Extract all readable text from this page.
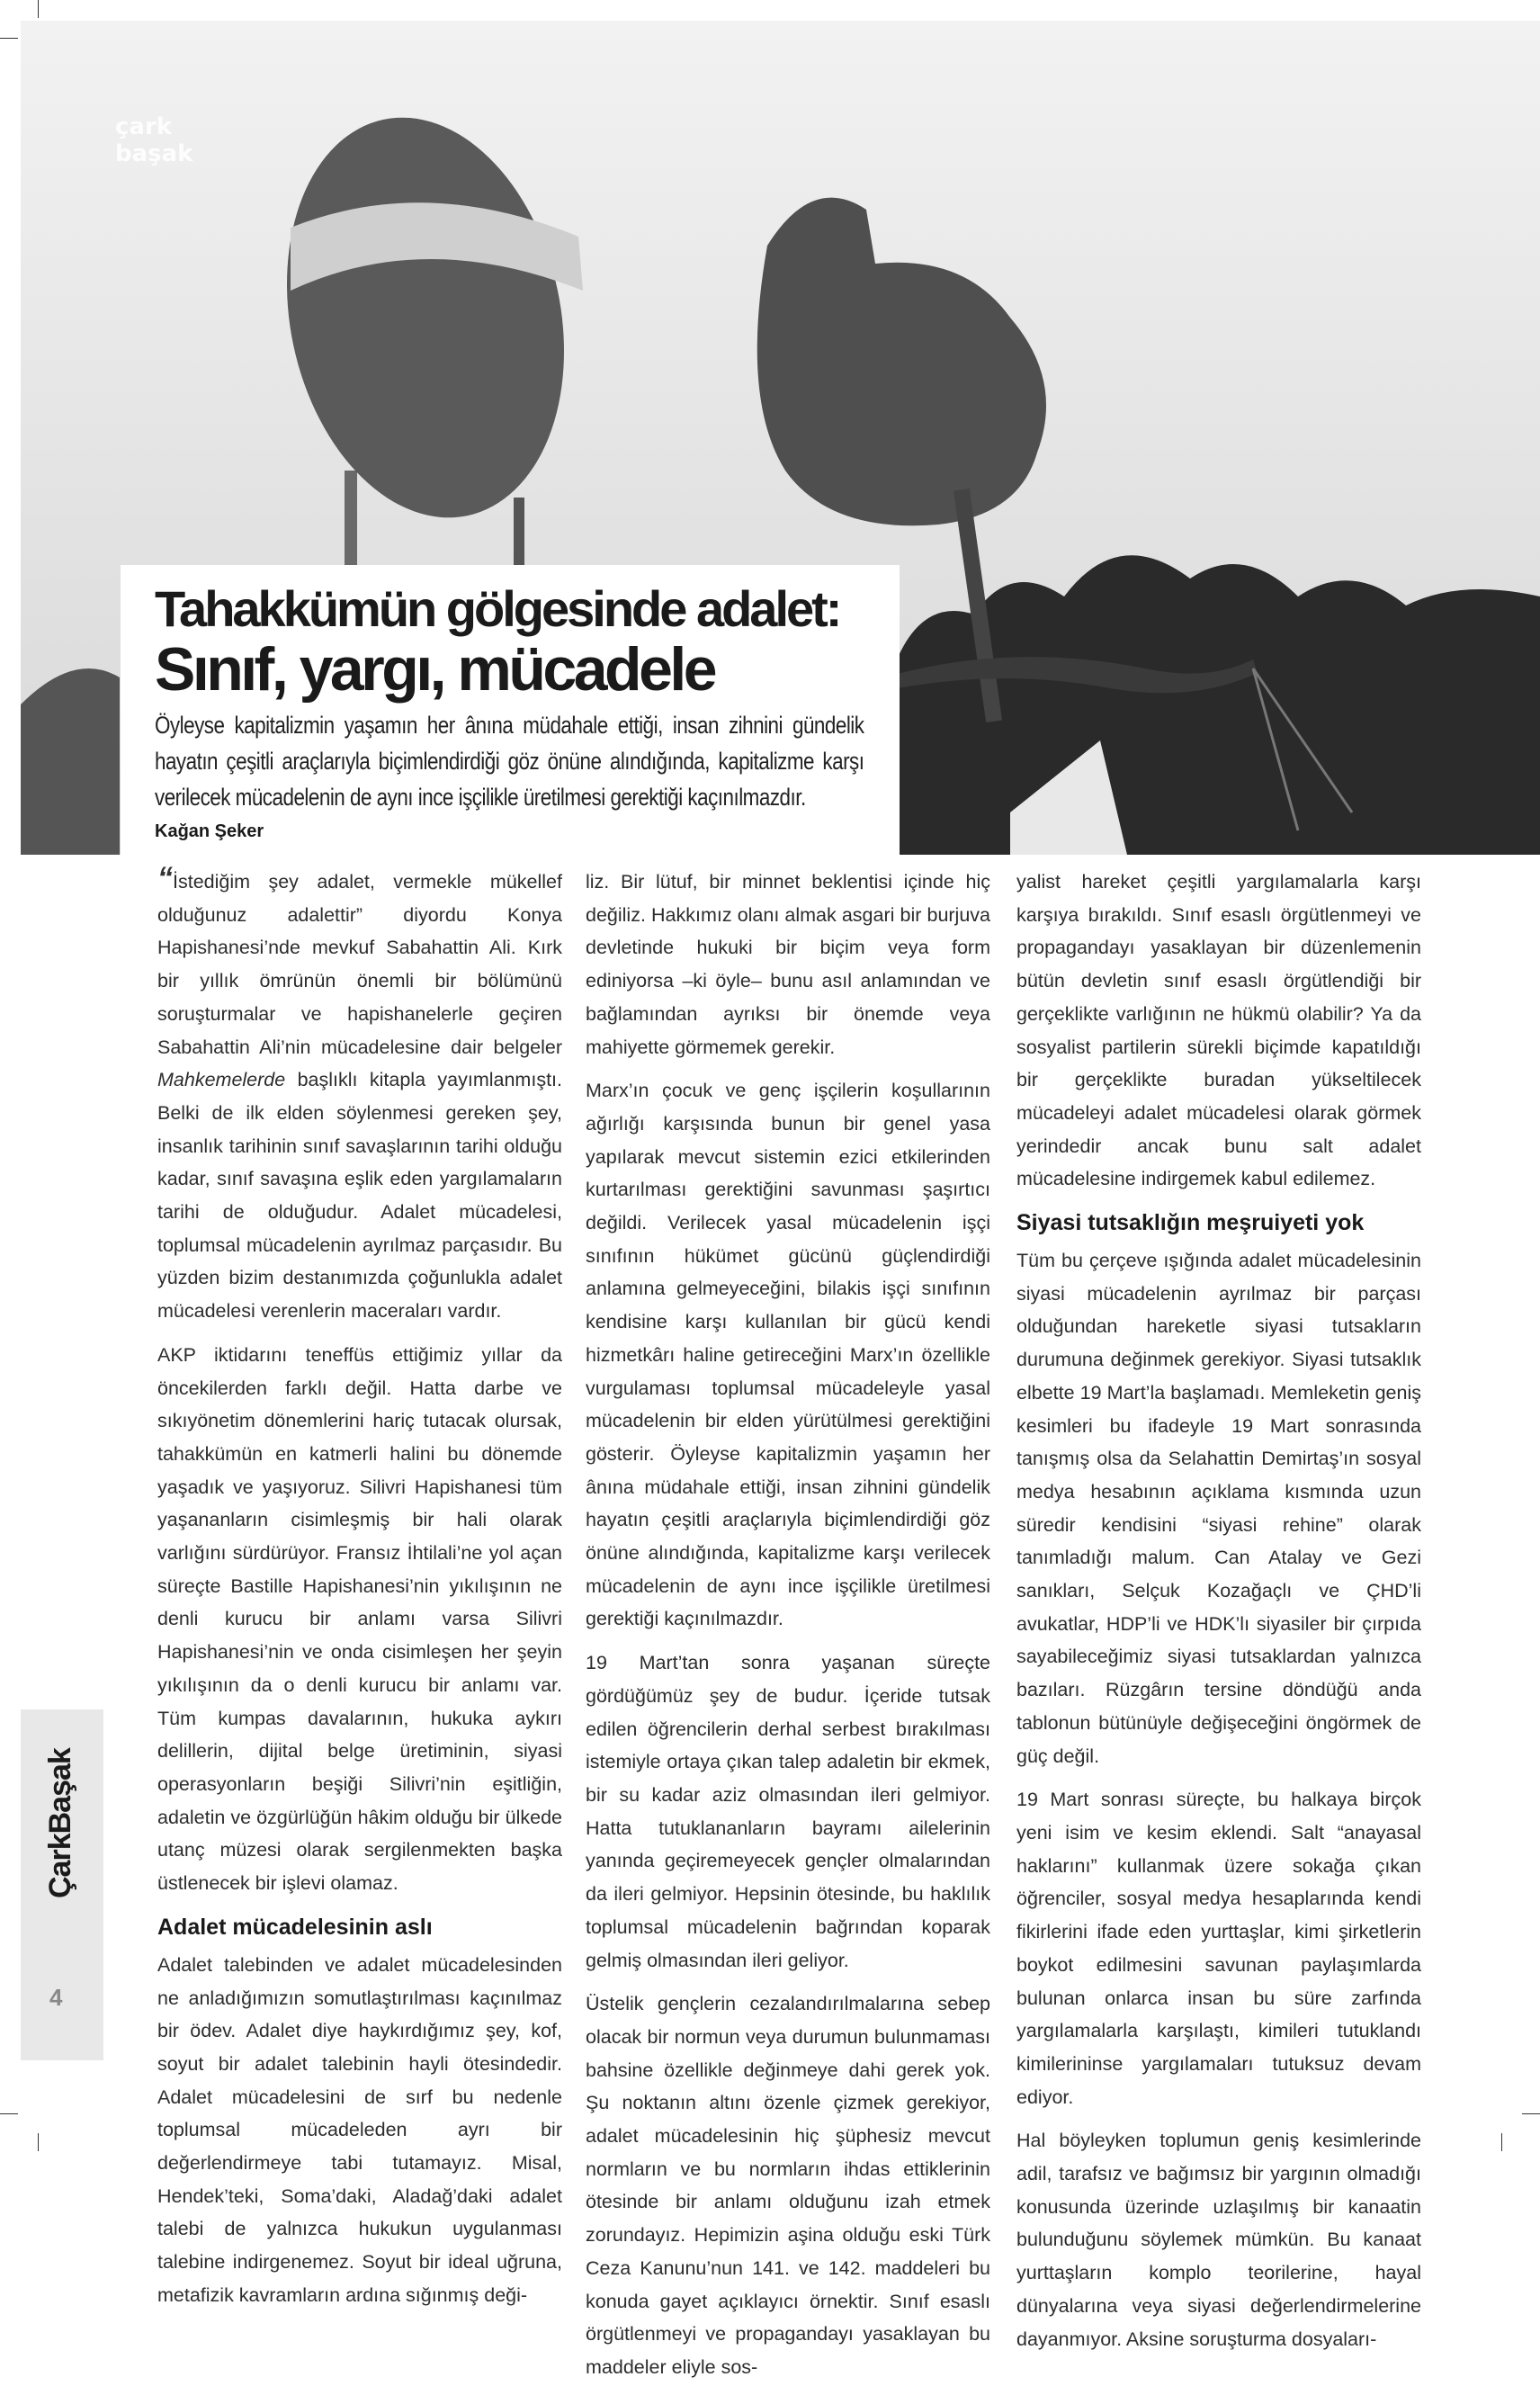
çark
başak
Tahakkümün gölgesinde adalet:
Sınıf, yargı, mücadele
Öyleyse kapitalizmin yaşamın her ânına müdahale ettiği, insan zihnini gündelik hayatın çeşitli araçlarıyla biçimlendirdiği göz önüne alındığında, kapitalizme karşı verilecek mücadelenin de aynı ince işçilikle üretilmesi gerektiği kaçınılmazdır.
Kağan Şeker

“İstediğim şey adalet, vermekle mükellef olduğunuz adalettir” diyordu Konya Hapishanesi’nde mevkuf Sabahattin Ali. Kırk bir yıllık ömrünün önemli bir bölümünü soruşturmalar ve hapishanelerle geçiren Sabahattin Ali’nin mücadelesine dair belgeler Mahkemelerde başlıklı kitapla yayımlanmıştı. Belki de ilk elden söylenmesi gereken şey, insanlık tarihinin sınıf savaşlarının tarihi olduğu kadar, sınıf savaşına eşlik eden yargılamaların tarihi de olduğudur. Adalet mücadelesi, toplumsal mücadelenin ayrılmaz parçasıdır. Bu yüzden bizim destanımızda çoğunlukla adalet mücadelesi verenlerin maceraları vardır.

AKP iktidarını teneffüs ettiğimiz yıllar da öncekilerden farklı değil. Hatta darbe ve sıkıyönetim dönemlerini hariç tutacak olursak, tahakkümün en katmerli halini bu dönemde yaşadık ve yaşıyoruz. Silivri Hapishanesi tüm yaşananların cisimleşmiş bir hali olarak varlığını sürdürüyor. Fransız İhtilali’ne yol açan süreçte Bastille Hapishanesi’nin yıkılışının ne denli kurucu bir anlamı varsa Silivri Hapishanesi’nin ve onda cisimleşen her şeyin yıkılışının da o denli kurucu bir anlamı var. Tüm kumpas davalarının, hukuka aykırı delillerin, dijital belge üretiminin, siyasi operasyonların beşiği Silivri’nin eşitliğin, adaletin ve özgürlüğün hâkim olduğu bir ülkede utanç müzesi olarak sergilenmekten başka üstlenecek bir işlevi olamaz.

Adalet mücadelesinin aslı

Adalet talebinden ve adalet mücadelesinden ne anladığımızın somutlaştırılması kaçınılmaz bir ödev. Adalet diye haykırdığımız şey, kof, soyut bir adalet talebinin hayli ötesindedir. Adalet mücadelesini de sırf bu nedenle toplumsal mücadeleden ayrı bir değerlendirmeye tabi tutamayız. Misal, Hendek’teki, Soma’daki, Aladağ’daki adalet talebi de yalnızca hukukun uygulanması talebine indirgenemez. Soyut bir ideal uğruna, metafizik kavramların ardına sığınmış deği-

liz. Bir lütuf, bir minnet beklentisi içinde hiç değiliz. Hakkımız olanı almak asgari bir burjuva devletinde hukuki bir biçim veya form ediniyorsa –ki öyle– bunu asıl anlamından ve bağlamından ayrıksı bir önemde veya mahiyette görmemek gerekir.

Marx’ın çocuk ve genç işçilerin koşullarının ağırlığı karşısında bunun bir genel yasa yapılarak mevcut sistemin ezici etkilerinden kurtarılması gerektiğini savunması şaşırtıcı değildi. Verilecek yasal mücadelenin işçi sınıfının hükümet gücünü güçlendirdiği anlamına gelmeyeceğini, bilakis işçi sınıfının kendisine karşı kullanılan bir gücü kendi hizmetkârı haline getireceğini Marx’ın özellikle vurgulaması toplumsal mücadeleyle yasal mücadelenin bir elden yürütülmesi gerektiğini gösterir. Öyleyse kapitalizmin yaşamın her ânına müdahale ettiği, insan zihnini gündelik hayatın çeşitli araçlarıyla biçimlendirdiği göz önüne alındığında, kapitalizme karşı verilecek mücadelenin de aynı ince işçilikle üretilmesi gerektiği kaçınılmazdır.

19 Mart’tan sonra yaşanan süreçte gördüğümüz şey de budur. İçeride tutsak edilen öğrencilerin derhal serbest bırakılması istemiyle ortaya çıkan talep adaletin bir ekmek, bir su kadar aziz olmasından ileri gelmiyor. Hatta tutuklananların bayramı ailelerinin yanında geçiremeyecek gençler olmalarından da ileri gelmiyor. Hepsinin ötesinde, bu haklılık toplumsal mücadelenin bağrından koparak gelmiş olmasından ileri geliyor.

Üstelik gençlerin cezalandırılmalarına sebep olacak bir normun veya durumun bulunmaması bahsine özellikle değinmeye dahi gerek yok. Şu noktanın altını özenle çizmek gerekiyor, adalet mücadelesinin hiç şüphesiz mevcut normların ve bu normların ihdas ettiklerinin ötesinde bir anlamı olduğunu izah etmek zorundayız. Hepimizin aşina olduğu eski Türk Ceza Kanunu’nun 141. ve 142. maddeleri bu konuda gayet açıklayıcı örnektir. Sınıf esaslı örgütlenmeyi ve propagandayı yasaklayan bu maddeler eliyle sos-

yalist hareket çeşitli yargılamalarla karşı karşıya bırakıldı. Sınıf esaslı örgütlenmeyi ve propagandayı yasaklayan bir düzenlemenin bütün devletin sınıf esaslı örgütlendiği bir gerçeklikte varlığının ne hükmü olabilir? Ya da sosyalist partilerin sürekli biçimde kapatıldığı bir gerçeklikte buradan yükseltilecek mücadeleyi adalet mücadelesi olarak görmek yerindedir ancak bunu salt adalet mücadelesine indirgemek kabul edilemez.

Siyasi tutsaklığın meşruiyeti yok

Tüm bu çerçeve ışığında adalet mücadelesinin siyasi mücadelenin ayrılmaz bir parçası olduğundan hareketle siyasi tutsakların durumuna değinmek gerekiyor. Siyasi tutsaklık elbette 19 Mart’la başlamadı. Memleketin geniş kesimleri bu ifadeyle 19 Mart sonrasında tanışmış olsa da Selahattin Demirtaş’ın sosyal medya hesabının açıklama kısmında uzun süredir kendisini “siyasi rehine” olarak tanımladığı malum. Can Atalay ve Gezi sanıkları, Selçuk Kozağaçlı ve ÇHD’li avukatlar, HDP’li ve HDK’lı siyasiler bir çırpıda sayabileceğimiz siyasi tutsaklardan yalnızca bazıları. Rüzgârın tersine döndüğü anda tablonun bütünüyle değişeceğini öngörmek de güç değil.

19 Mart sonrası süreçte, bu halkaya birçok yeni isim ve kesim eklendi. Salt “anayasal haklarını” kullanmak üzere sokağa çıkan öğrenciler, sosyal medya hesaplarında kendi fikirlerini ifade eden yurttaşlar, kimi şirketlerin boykot edilmesini savunan paylaşımlarda bulunan onlarca insan bu süre zarfında yargılamalarla karşılaştı, kimileri tutuklandı kimilerininse yargılamaları tutuksuz devam ediyor.

Hal böyleyken toplumun geniş kesimlerinde adil, tarafsız ve bağımsız bir yargının olmadığı konusunda üzerinde uzlaşılmış bir kanaatin bulunduğunu söylemek mümkün. Bu kanaat yurttaşların komplo teorilerine, hayal dünyalarına veya siyasi değerlendirmelerine dayanmıyor. Aksine soruşturma dosyaları-

ÇarkBaşak
4
